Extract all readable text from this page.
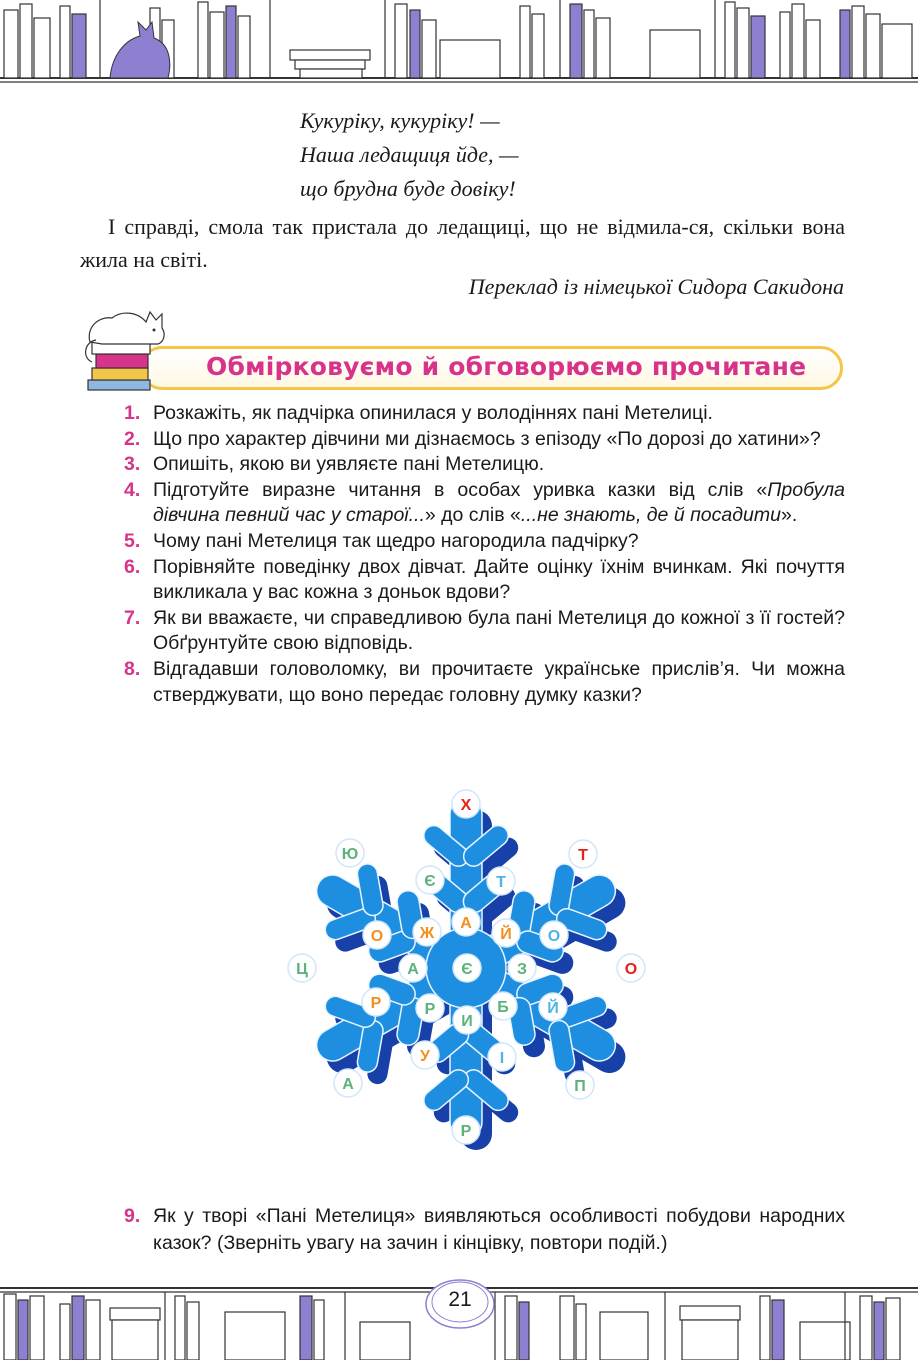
Кукуріку, кукуріку! —
Наша ледащиця йде, —
що брудна буде довіку!
І справді, смола так пристала до ледащиці, що не відмила-ся, скільки вона жила на світі.
Переклад із німецької Сидора Сакидона
Обмірковуємо й обговорюємо прочитане
1. Розкажіть, як падчірка опинилася у володіннях пані Метелиці.
2. Що про характер дівчини ми дізнаємось з епізоду «По дорозі до хатини»?
3. Опишіть, якою ви уявляєте пані Метелицю.
4. Підготуйте виразне читання в особах уривка казки від слів «Пробула дівчина певний час у старої...» до слів «...не знають, де й посадити».
5. Чому пані Метелиця так щедро нагородила падчірку?
6. Порівняйте поведінку двох дівчат. Дайте оцінку їхнім вчинкам. Які почуття викликала у вас кожна з доньок вдови?
7. Як ви вважаєте, чи справедливою була пані Метелиця до кожної з її гостей? Обґрунтуйте свою відповідь.
8. Відгадавши головоломку, ви прочитаєте українське прислів’я. Чи можна стверджувати, що воно передає головну думку казки?
Х
Ю	Т
Є	Т
А
О Ж	Й О
Ц	А	Є	З	О
Р	Р	Б Й
И
У	І
А	П
Р
9. Як у творі «Пані Метелиця» виявляються особливості побудови народних казок? (Зверніть увагу на зачин і кінцівку, повтори подій.)
21
